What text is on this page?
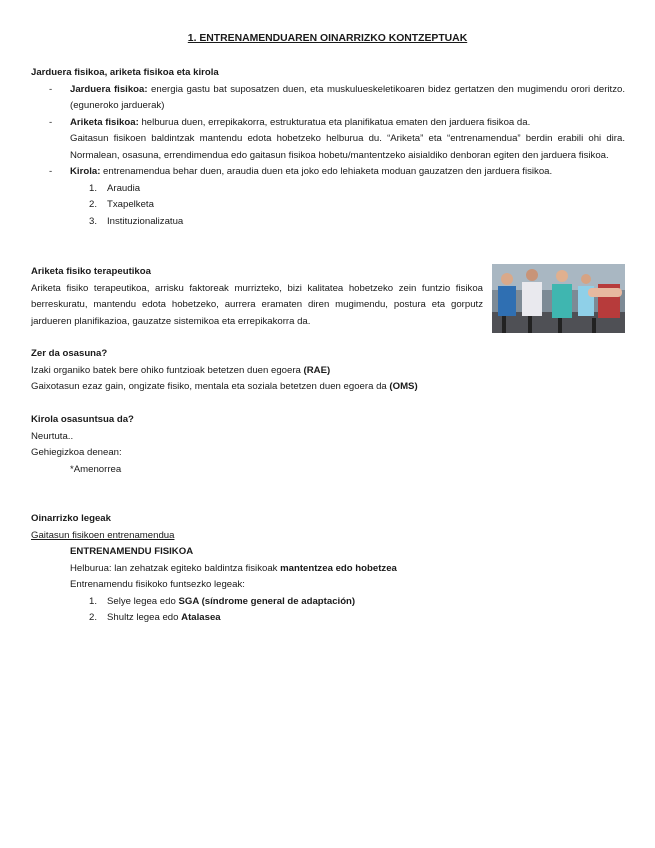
1. ENTRENAMENDUAREN OINARRIZKO KONTZEPTUAK
Jarduera fisikoa, ariketa fisikoa eta kirola
- Jarduera fisikoa: energia gastu bat suposatzen duen, eta muskulueskeletikoaren bidez gertatzen den mugimendu orori deritzo. (eguneroko jarduerak)
- Ariketa fisikoa: helburua duen, errepikakorra, estrukturatua eta planifikatua ematen den jarduera fisikoa da.
Gaitasun fisikoen baldintzak mantendu edota hobetzeko helburua du. “Ariketa” eta “entrenamendua” berdin erabili ohi dira. Normalean, osasuna, errendimendua edo gaitasun fisikoa hobetu/mantentzeko aisialdiko denboran egiten den jarduera fisikoa.
- Kirola: entrenamendua behar duen, araudia duen eta joko edo lehiaketa moduan gauzatzen den jarduera fisikoa.
1. Araudia
2. Txapelketa
3. Instituzionalizatua
Ariketa fisiko terapeutikoa
Ariketa fisiko terapeutikoa, arrisku faktoreak murrizteko, bizi kalitatea hobetzeko zein funtzio fisikoa berreskuratu, mantendu edota hobetzeko, aurrera eramaten diren mugimendu, postura eta gorputz jardueren planifikazioa, gauzatze sistemikoa eta errepikakorra da.
Zer da osasuna?
Izaki organiko batek bere ohiko funtzioak betetzen duen egoera (RAE)
Gaixotasun ezaz gain, ongizate fisiko, mentala eta soziala betetzen duen egoera da (OMS)
Kirola osasuntsua da?
Neurtuta..
Gehiegizkoa denean:
*Amenorrea
Oinarrizko legeak
Gaitasun fisikoen entrenamendua
ENTRENAMENDU FISIKOA
Helburua: lan zehatzak egiteko baldintza fisikoak mantentzea edo hobetzea
Entrenamendu fisikoko funtsezko legeak:
1. Selye legea edo SGA (síndrome general de adaptación)
2. Shultz legea edo Atalasea
